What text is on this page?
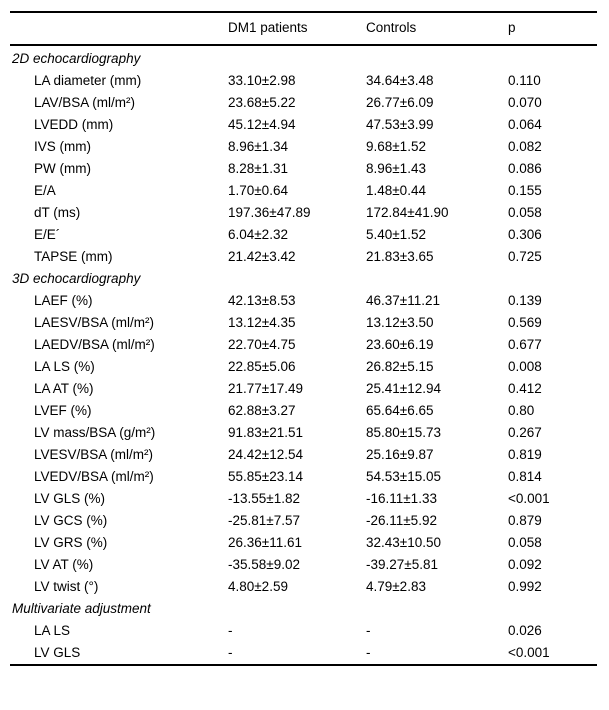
	DM1 patients	Controls	p
2D echocardiography			
LA diameter (mm)	33.10±2.98	34.64±3.48	0.110
LAV/BSA (ml/m²)	23.68±5.22	26.77±6.09	0.070
LVEDD (mm)	45.12±4.94	47.53±3.99	0.064
IVS (mm)	8.96±1.34	9.68±1.52	0.082
PW (mm)	8.28±1.31	8.96±1.43	0.086
E/A	1.70±0.64	1.48±0.44	0.155
dT (ms)	197.36±47.89	172.84±41.90	0.058
E/E´	6.04±2.32	5.40±1.52	0.306
TAPSE (mm)	21.42±3.42	21.83±3.65	0.725
3D echocardiography			
LAEF (%)	42.13±8.53	46.37±11.21	0.139
LAESV/BSA (ml/m²)	13.12±4.35	13.12±3.50	0.569
LAEDV/BSA (ml/m²)	22.70±4.75	23.60±6.19	0.677
LA LS (%)	22.85±5.06	26.82±5.15	0.008
LA AT (%)	21.77±17.49	25.41±12.94	0.412
LVEF (%)	62.88±3.27	65.64±6.65	0.80
LV mass/BSA (g/m²)	91.83±21.51	85.80±15.73	0.267
LVESV/BSA (ml/m²)	24.42±12.54	25.16±9.87	0.819
LVEDV/BSA (ml/m²)	55.85±23.14	54.53±15.05	0.814
LV GLS (%)	-13.55±1.82	-16.11±1.33	<0.001
LV GCS (%)	-25.81±7.57	-26.11±5.92	0.879
LV GRS (%)	26.36±11.61	32.43±10.50	0.058
LV AT (%)	-35.58±9.02	-39.27±5.81	0.092
LV twist (°)	4.80±2.59	4.79±2.83	0.992
Multivariate adjustment			
LA LS	-	-	0.026
LV GLS	-	-	<0.001
